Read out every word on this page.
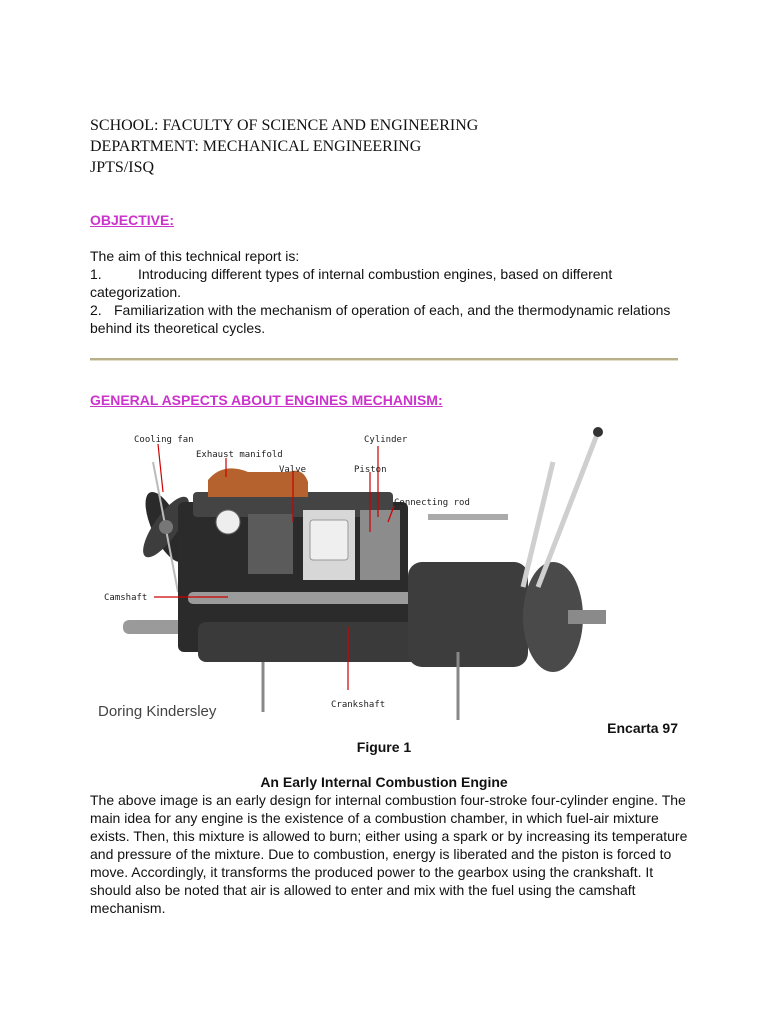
SCHOOL: FACULTY OF SCIENCE AND ENGINEERING
DEPARTMENT: MECHANICAL ENGINEERING
JPTS/ISQ
OBJECTIVE:
The aim of this technical report is:
1.	Introducing different types of internal combustion engines, based on different categorization.
2. Familiarization with the mechanism of operation of each, and the thermodynamic relations behind its theoretical cycles.
GENERAL ASPECTS ABOUT ENGINES MECHANISM:
Cooling fan
Exhaust manifold
Valve
Cylinder
Piston
Connecting rod
Camshaft
Crankshaft
Doring Kindersley
Encarta 97
Figure 1
An Early Internal Combustion Engine
The above image is an early design for internal combustion four-stroke four-cylinder engine. The main idea for any engine is the existence of a combustion chamber, in which fuel-air mixture exists. Then, this mixture is allowed to burn; either using a spark or by increasing its temperature and pressure of the mixture. Due to combustion, energy is liberated and the piston is forced to move. Accordingly, it transforms the produced power to the gearbox using the crankshaft. It should also be noted that air is allowed to enter and mix with the fuel using the camshaft mechanism.
